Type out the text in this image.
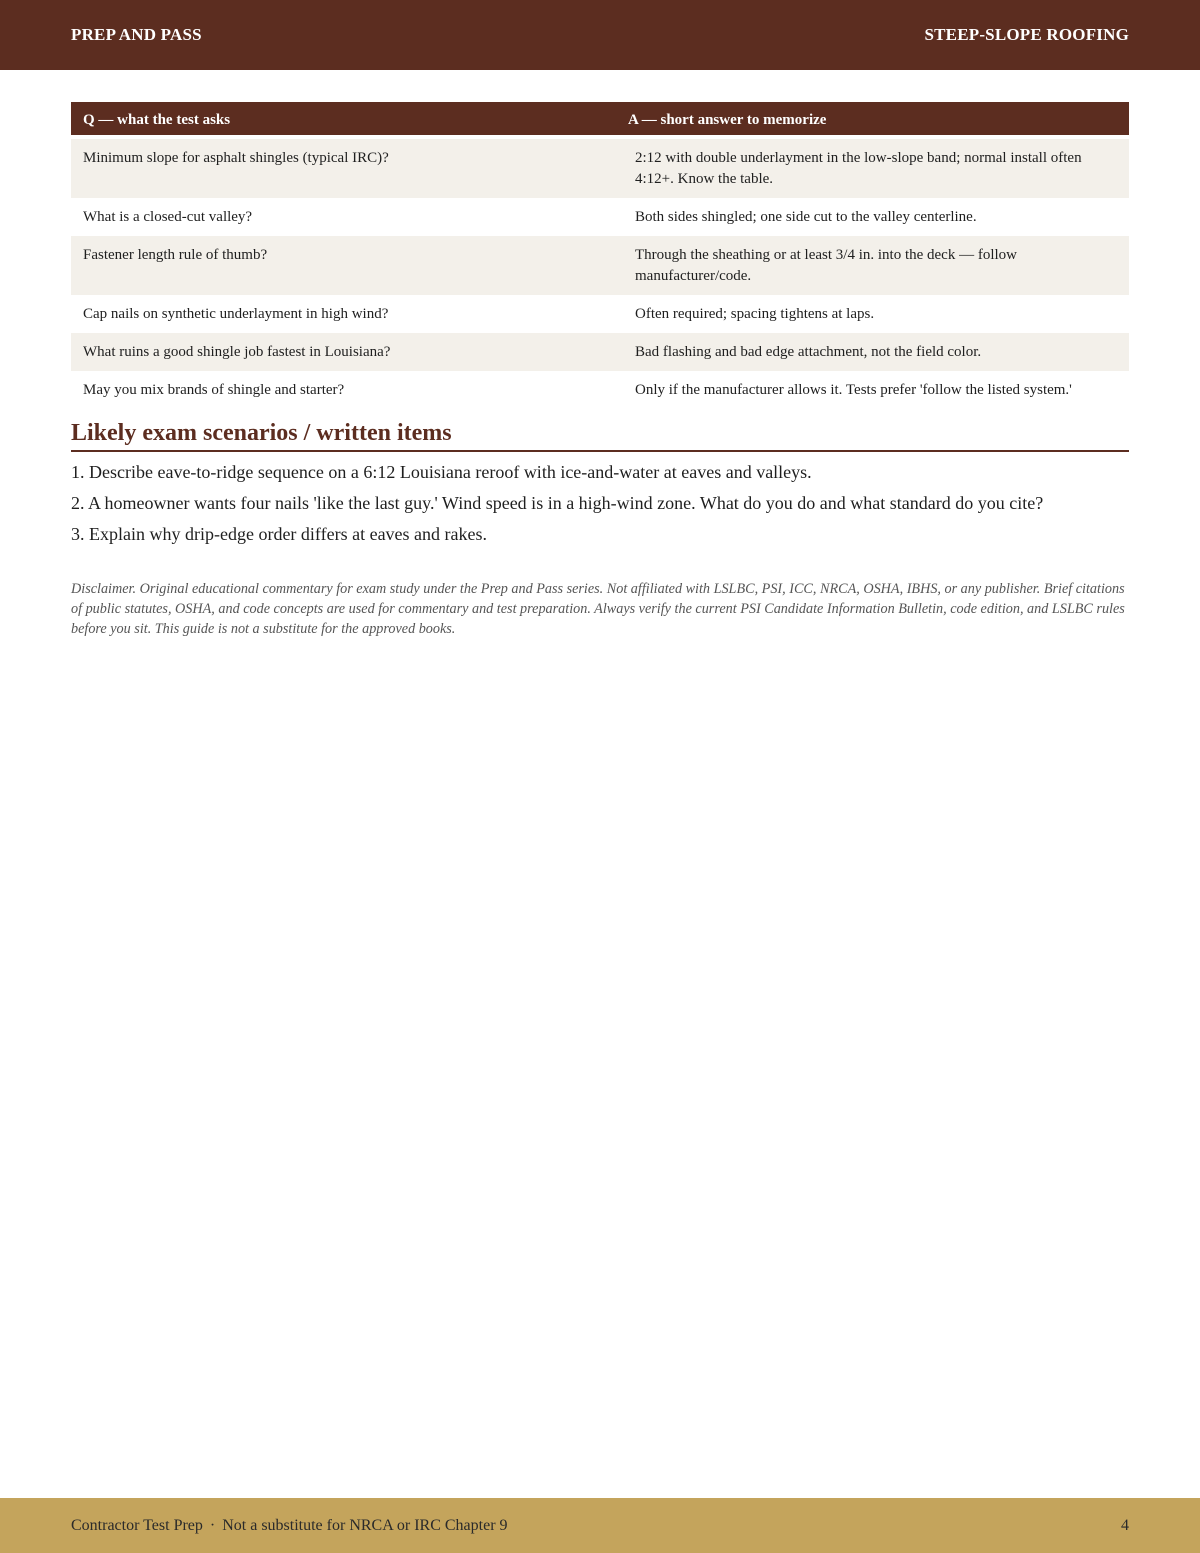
PREP AND PASS	STEEP-SLOPE ROOFING
Q — what the test asks	A — short answer to memorize
Minimum slope for asphalt shingles (typical IRC)?	2:12 with double underlayment in the low-slope band; normal install often 4:12+. Know the table.
What is a closed-cut valley?	Both sides shingled; one side cut to the valley centerline.
Fastener length rule of thumb?	Through the sheathing or at least 3/4 in. into the deck — follow manufacturer/code.
Cap nails on synthetic underlayment in high wind?	Often required; spacing tightens at laps.
What ruins a good shingle job fastest in Louisiana?	Bad flashing and bad edge attachment, not the field color.
May you mix brands of shingle and starter?	Only if the manufacturer allows it. Tests prefer 'follow the listed system.'
Likely exam scenarios / written items
1. Describe eave-to-ridge sequence on a 6:12 Louisiana reroof with ice-and-water at eaves and valleys.
2. A homeowner wants four nails 'like the last guy.' Wind speed is in a high-wind zone. What do you do and what standard do you cite?
3. Explain why drip-edge order differs at eaves and rakes.

Disclaimer. Original educational commentary for exam study under the Prep and Pass series. Not affiliated with LSLBC, PSI, ICC, NRCA, OSHA, IBHS, or any publisher. Brief citations of public statutes, OSHA, and code concepts are used for commentary and test preparation. Always verify the current PSI Candidate Information Bulletin, code edition, and LSLBC rules before you sit. This guide is not a substitute for the approved books.

Contractor Test Prep · Not a substitute for NRCA or IRC Chapter 9	4
